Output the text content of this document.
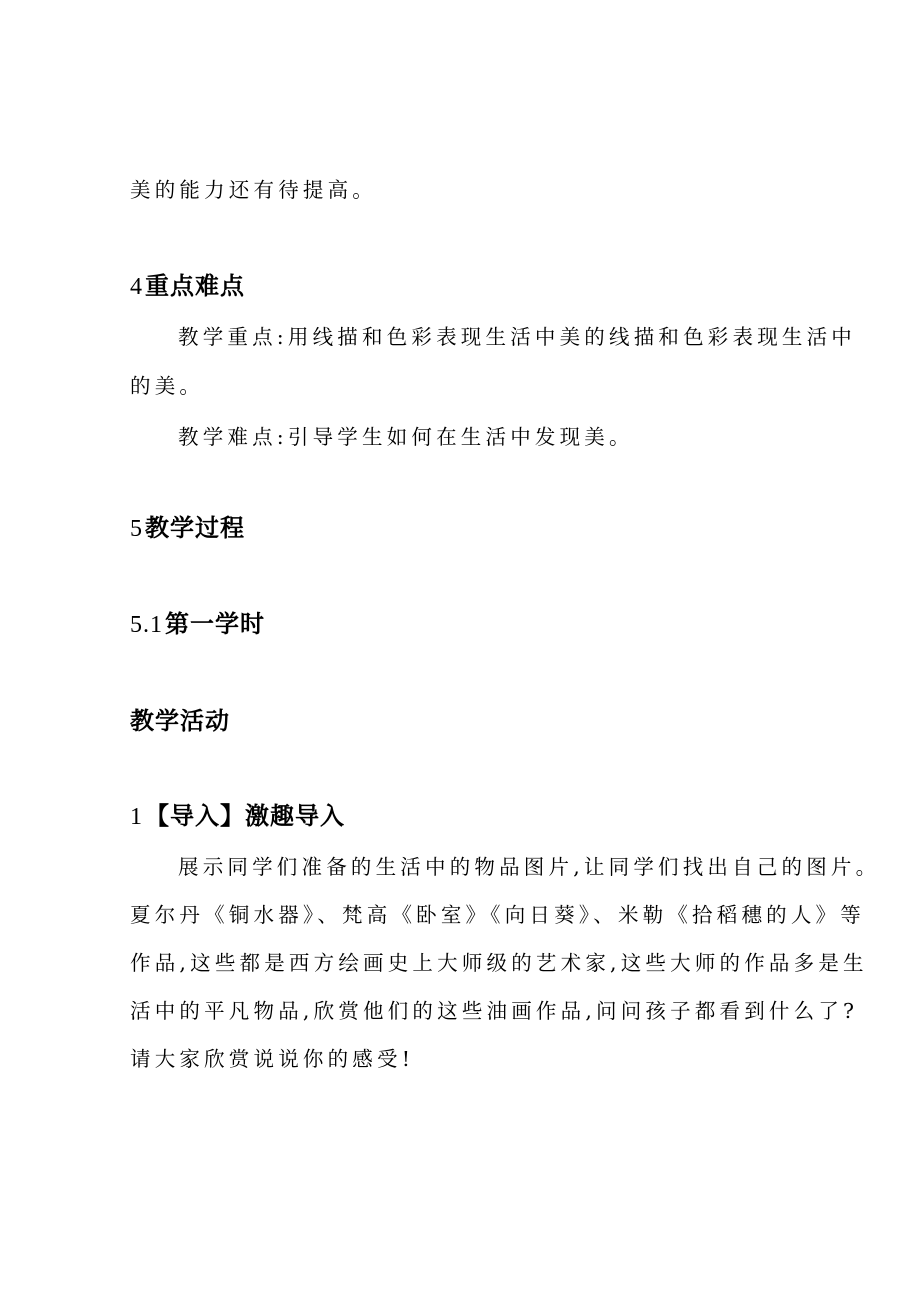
美的能力还有待提高。

4重点难点

教学重点:用线描和色彩表现生活中美的线描和色彩表现生活中

的美。

教学难点:引导学生如何在生活中发现美。

5教学过程
5.1第一学时
教学活动
1【导入】激趣导入

展示同学们准备的生活中的物品图片,让同学们找出自己的图片。

夏尔丹《铜水器》、梵高《卧室》《向日葵》、米勒《拾稻穗的人》等

作品,这些都是西方绘画史上大师级的艺术家,这些大师的作品多是生

活中的平凡物品,欣赏他们的这些油画作品,问问孩子都看到什么了?

请大家欣赏说说你的感受!
